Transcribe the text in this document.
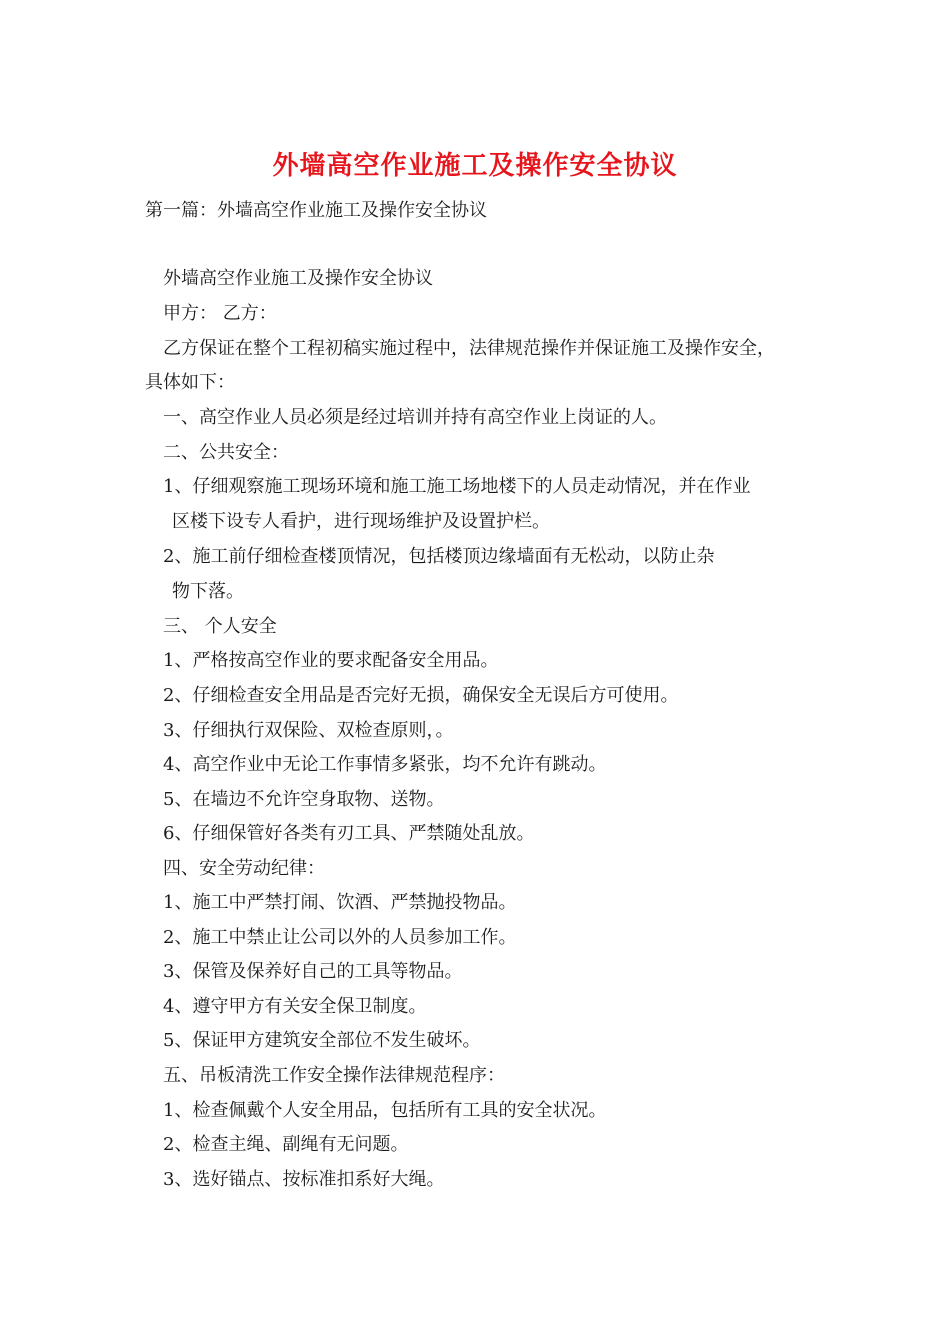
外墙高空作业施工及操作安全协议
第一篇：外墙高空作业施工及操作安全协议
外墙高空作业施工及操作安全协议
甲方： 乙方：
乙方保证在整个工程初稿实施过程中，法律规范操作并保证施工及操作安全，
具体如下：
一、高空作业人员必须是经过培训并持有高空作业上岗证的人。
二、公共安全：
1、仔细观察施工现场环境和施工施工场地楼下的人员走动情况，并在作业
区楼下设专人看护，进行现场维护及设置护栏。
2、施工前仔细检查楼顶情况，包括楼顶边缘墙面有无松动，以防止杂
物下落。
三、 个人安全
1、严格按高空作业的要求配备安全用品。
2、仔细检查安全用品是否完好无损，确保安全无误后方可使用。
3、仔细执行双保险、双检查原则，。
4、高空作业中无论工作事情多紧张，均不允许有跳动。
5、在墙边不允许空身取物、送物。
6、仔细保管好各类有刃工具、严禁随处乱放。
四、安全劳动纪律：
1、施工中严禁打闹、饮酒、严禁抛投物品。
2、施工中禁止让公司以外的人员参加工作。
3、保管及保养好自己的工具等物品。
4、遵守甲方有关安全保卫制度。
5、保证甲方建筑安全部位不发生破坏。
五、吊板清洗工作安全操作法律规范程序：
1、检查佩戴个人安全用品，包括所有工具的安全状况。
2、检查主绳、副绳有无问题。
3、选好锚点、按标准扣系好大绳。
